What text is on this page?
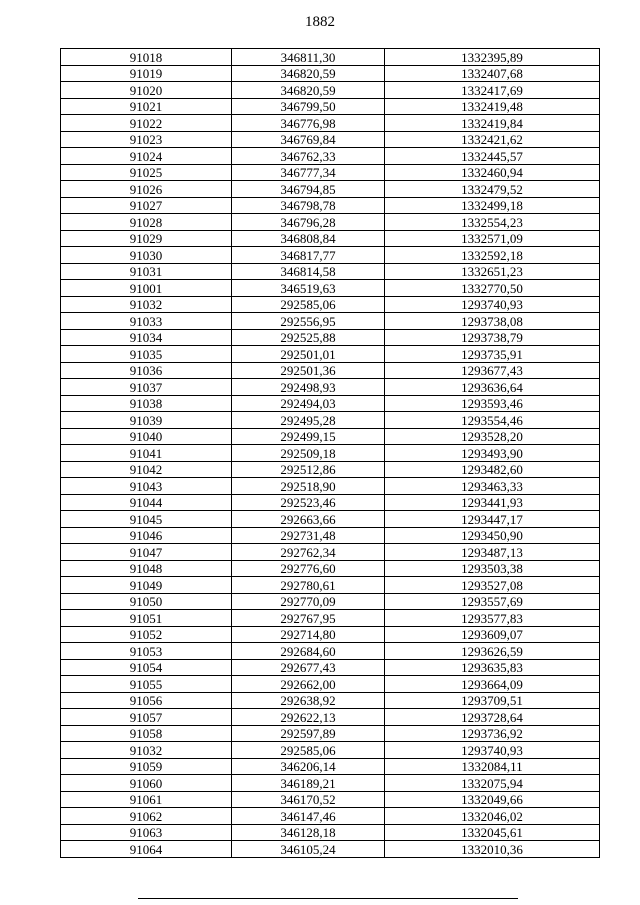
1882
91018	346811,30	1332395,89
91019	346820,59	1332407,68
91020	346820,59	1332417,69
91021	346799,50	1332419,48
91022	346776,98	1332419,84
91023	346769,84	1332421,62
91024	346762,33	1332445,57
91025	346777,34	1332460,94
91026	346794,85	1332479,52
91027	346798,78	1332499,18
91028	346796,28	1332554,23
91029	346808,84	1332571,09
91030	346817,77	1332592,18
91031	346814,58	1332651,23
91001	346519,63	1332770,50
91032	292585,06	1293740,93
91033	292556,95	1293738,08
91034	292525,88	1293738,79
91035	292501,01	1293735,91
91036	292501,36	1293677,43
91037	292498,93	1293636,64
91038	292494,03	1293593,46
91039	292495,28	1293554,46
91040	292499,15	1293528,20
91041	292509,18	1293493,90
91042	292512,86	1293482,60
91043	292518,90	1293463,33
91044	292523,46	1293441,93
91045	292663,66	1293447,17
91046	292731,48	1293450,90
91047	292762,34	1293487,13
91048	292776,60	1293503,38
91049	292780,61	1293527,08
91050	292770,09	1293557,69
91051	292767,95	1293577,83
91052	292714,80	1293609,07
91053	292684,60	1293626,59
91054	292677,43	1293635,83
91055	292662,00	1293664,09
91056	292638,92	1293709,51
91057	292622,13	1293728,64
91058	292597,89	1293736,92
91032	292585,06	1293740,93
91059	346206,14	1332084,11
91060	346189,21	1332075,94
91061	346170,52	1332049,66
91062	346147,46	1332046,02
91063	346128,18	1332045,61
91064	346105,24	1332010,36
